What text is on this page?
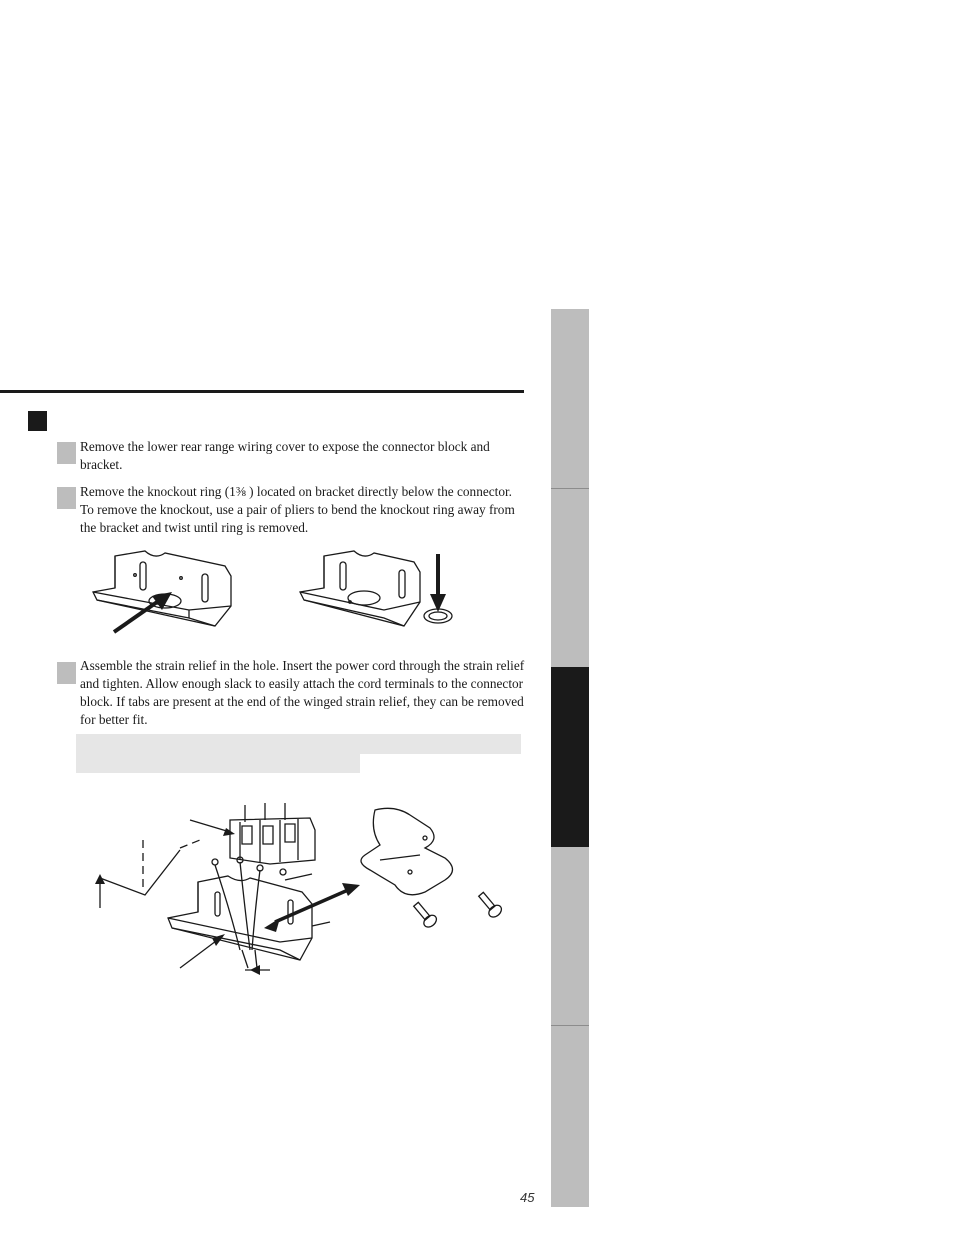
Remove the lower rear range wiring cover to expose the connector block and bracket.

Remove the knockout ring (1⅜ ) located on bracket directly below the connector. To remove the knockout, use a pair of pliers to bend the knockout ring away from the bracket and twist until ring is removed.

Assemble the strain relief in the hole. Insert the power cord through the strain relief and tighten. Allow enough slack to easily attach the cord terminals to the connector block. If tabs are present at the end of the winged strain relief, they can be removed for better fit.

45
